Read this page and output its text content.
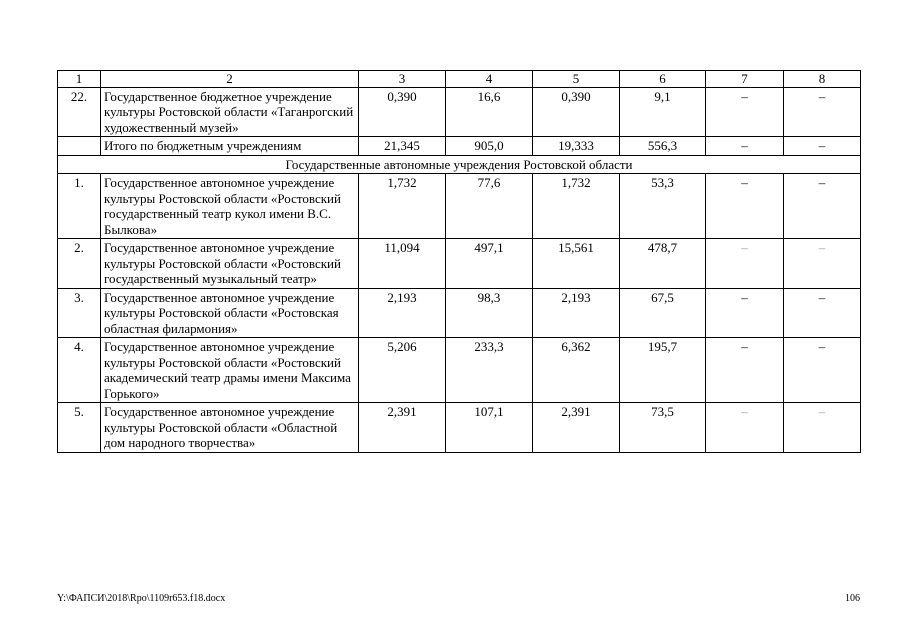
1	2	3	4	5	6	7	8
22.	Государственное бюджетное учреждение культуры Ростовской области «Таганрогский художественный музей»	0,390	16,6	0,390	9,1	–	–
	Итого по бюджетным учреждениям	21,345	905,0	19,333	556,3	–	–
Государственные автономные учреждения Ростовской области							
1.	Государственное автономное учреждение культуры Ростовской области «Ростовский государственный театр кукол имени В.С. Былкова»	1,732	77,6	1,732	53,3	–	–
2.	Государственное автономное учреждение культуры Ростовской области «Ростовский государственный музыкальный театр»	11,094	497,1	15,561	478,7	–	–
3.	Государственное автономное учреждение культуры Ростовской области «Ростовская областная филармония»	2,193	98,3	2,193	67,5	–	–
4.	Государственное автономное учреждение культуры Ростовской области «Ростовский академический театр драмы имени Максима Горького»	5,206	233,3	6,362	195,7	–	–
5.	Государственное автономное учреждение культуры Ростовской области «Областной дом народного творчества»	2,391	107,1	2,391	73,5	–	–
Y:\ФАПСИ\2018\Rpo\1109r653.f18.docx	106
